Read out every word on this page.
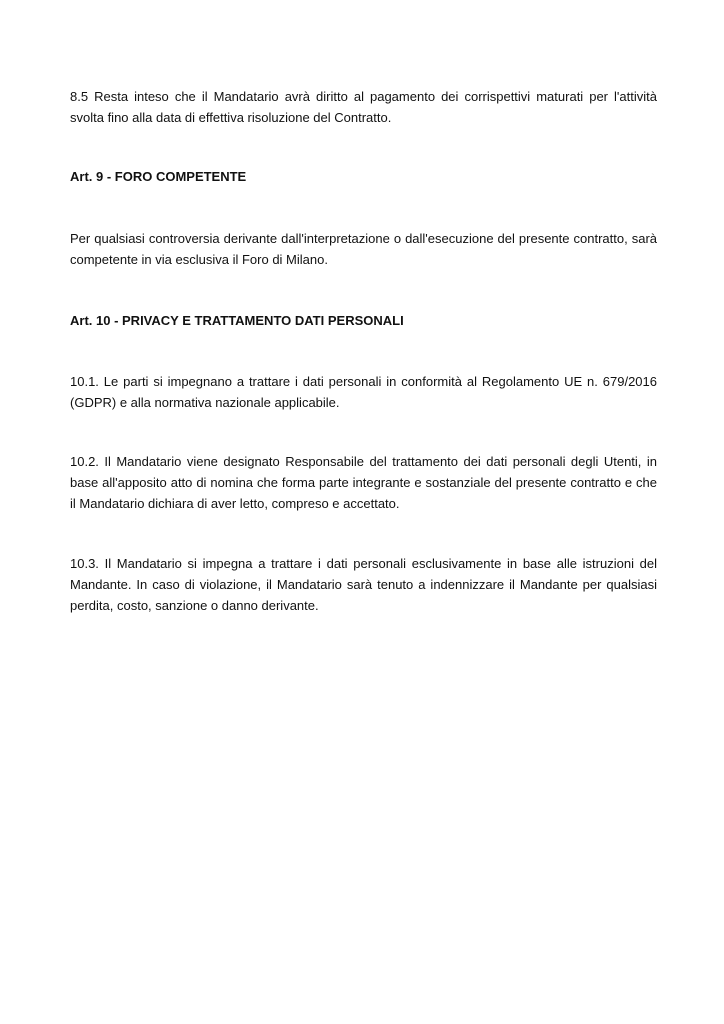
8.5 Resta inteso che il Mandatario avrà diritto al pagamento dei corrispettivi maturati per l'attività svolta fino alla data di effettiva risoluzione del Contratto.

Art. 9 - FORO COMPETENTE

Per qualsiasi controversia derivante dall'interpretazione o dall'esecuzione del presente contratto, sarà competente in via esclusiva il Foro di Milano.

Art. 10 - PRIVACY E TRATTAMENTO DATI PERSONALI

10.1. Le parti si impegnano a trattare i dati personali in conformità al Regolamento UE n. 679/2016 (GDPR) e alla normativa nazionale applicabile.

10.2. Il Mandatario viene designato Responsabile del trattamento dei dati personali degli Utenti, in base all'apposito atto di nomina che forma parte integrante e sostanziale del presente contratto e che il Mandatario dichiara di aver letto, compreso e accettato.

10.3. Il Mandatario si impegna a trattare i dati personali esclusivamente in base alle istruzioni del Mandante. In caso di violazione, il Mandatario sarà tenuto a indennizzare il Mandante per qualsiasi perdita, costo, sanzione o danno derivante.
